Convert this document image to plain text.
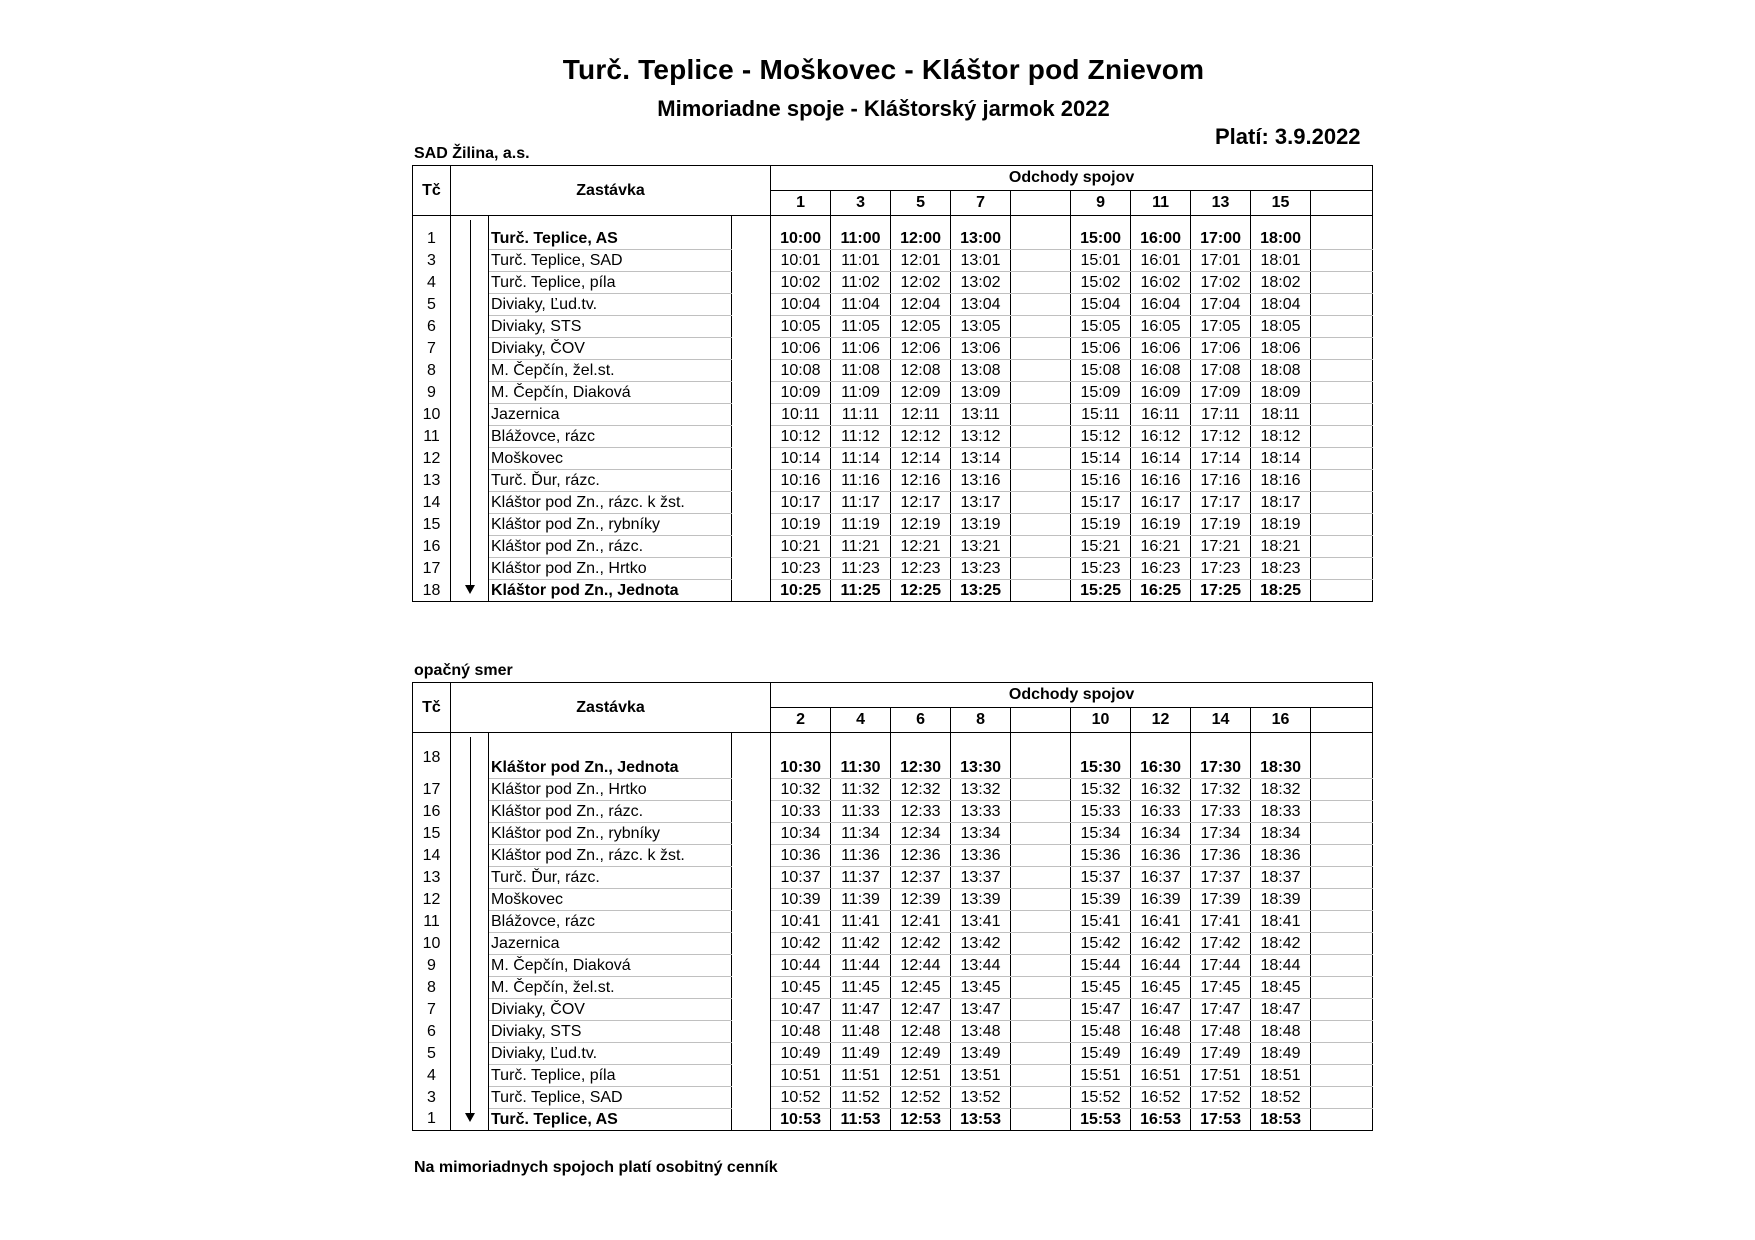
Turč. Teplice - Moškovec - Kláštor pod Znievom
Mimoriadne spoje - Kláštorský jarmok 2022
Platí: 3.9.2022
SAD Žilina, a.s.
Tč	Zastávka			Odchody spojov									
				1	3	5	7		9	11	13	15	

1		Turč. Teplice, AS		10:00	11:00	12:00	13:00		15:00	16:00	17:00	18:00	
3		Turč. Teplice, SAD		10:01	11:01	12:01	13:01		15:01	16:01	17:01	18:01	
4		Turč. Teplice, píla		10:02	11:02	12:02	13:02		15:02	16:02	17:02	18:02	
5		Diviaky, Ľud.tv.		10:04	11:04	12:04	13:04		15:04	16:04	17:04	18:04	
6		Diviaky, STS		10:05	11:05	12:05	13:05		15:05	16:05	17:05	18:05	
7		Diviaky, ČOV		10:06	11:06	12:06	13:06		15:06	16:06	17:06	18:06	
8		M. Čepčín, žel.st.		10:08	11:08	12:08	13:08		15:08	16:08	17:08	18:08	
9		M. Čepčín, Diaková		10:09	11:09	12:09	13:09		15:09	16:09	17:09	18:09	
10		Jazernica		10:11	11:11	12:11	13:11		15:11	16:11	17:11	18:11	
11		Blážovce, rázc		10:12	11:12	12:12	13:12		15:12	16:12	17:12	18:12	
12		Moškovec		10:14	11:14	12:14	13:14		15:14	16:14	17:14	18:14	
13		Turč. Ďur, rázc.		10:16	11:16	12:16	13:16		15:16	16:16	17:16	18:16	
14		Kláštor pod Zn., rázc. k žst.		10:17	11:17	12:17	13:17		15:17	16:17	17:17	18:17	
15		Kláštor pod Zn., rybníky		10:19	11:19	12:19	13:19		15:19	16:19	17:19	18:19	
16		Kláštor pod Zn., rázc.		10:21	11:21	12:21	13:21		15:21	16:21	17:21	18:21	
17		Kláštor pod Zn., Hrtko		10:23	11:23	12:23	13:23		15:23	16:23	17:23	18:23	
18		Kláštor pod Zn., Jednota		10:25	11:25	12:25	13:25		15:25	16:25	17:25	18:25	
opačný smer
Tč	Zastávka			Odchody spojov									
				2	4	6	8		10	12	14	16	

18		Kláštor pod Zn., Jednota		10:30	11:30	12:30	13:30		15:30	16:30	17:30	18:30	
17		Kláštor pod Zn., Hrtko		10:32	11:32	12:32	13:32		15:32	16:32	17:32	18:32	
16		Kláštor pod Zn., rázc.		10:33	11:33	12:33	13:33		15:33	16:33	17:33	18:33	
15		Kláštor pod Zn., rybníky		10:34	11:34	12:34	13:34		15:34	16:34	17:34	18:34	
14		Kláštor pod Zn., rázc. k žst.		10:36	11:36	12:36	13:36		15:36	16:36	17:36	18:36	
13		Turč. Ďur, rázc.		10:37	11:37	12:37	13:37		15:37	16:37	17:37	18:37	
12		Moškovec		10:39	11:39	12:39	13:39		15:39	16:39	17:39	18:39	
11		Blážovce, rázc		10:41	11:41	12:41	13:41		15:41	16:41	17:41	18:41	
10		Jazernica		10:42	11:42	12:42	13:42		15:42	16:42	17:42	18:42	
9		M. Čepčín, Diaková		10:44	11:44	12:44	13:44		15:44	16:44	17:44	18:44	
8		M. Čepčín, žel.st.		10:45	11:45	12:45	13:45		15:45	16:45	17:45	18:45	
7		Diviaky, ČOV		10:47	11:47	12:47	13:47		15:47	16:47	17:47	18:47	
6		Diviaky, STS		10:48	11:48	12:48	13:48		15:48	16:48	17:48	18:48	
5		Diviaky, Ľud.tv.		10:49	11:49	12:49	13:49		15:49	16:49	17:49	18:49	
4		Turč. Teplice, píla		10:51	11:51	12:51	13:51		15:51	16:51	17:51	18:51	
3		Turč. Teplice, SAD		10:52	11:52	12:52	13:52		15:52	16:52	17:52	18:52	
1		Turč. Teplice, AS		10:53	11:53	12:53	13:53		15:53	16:53	17:53	18:53	
Na mimoriadnych spojoch platí osobitný cenník
